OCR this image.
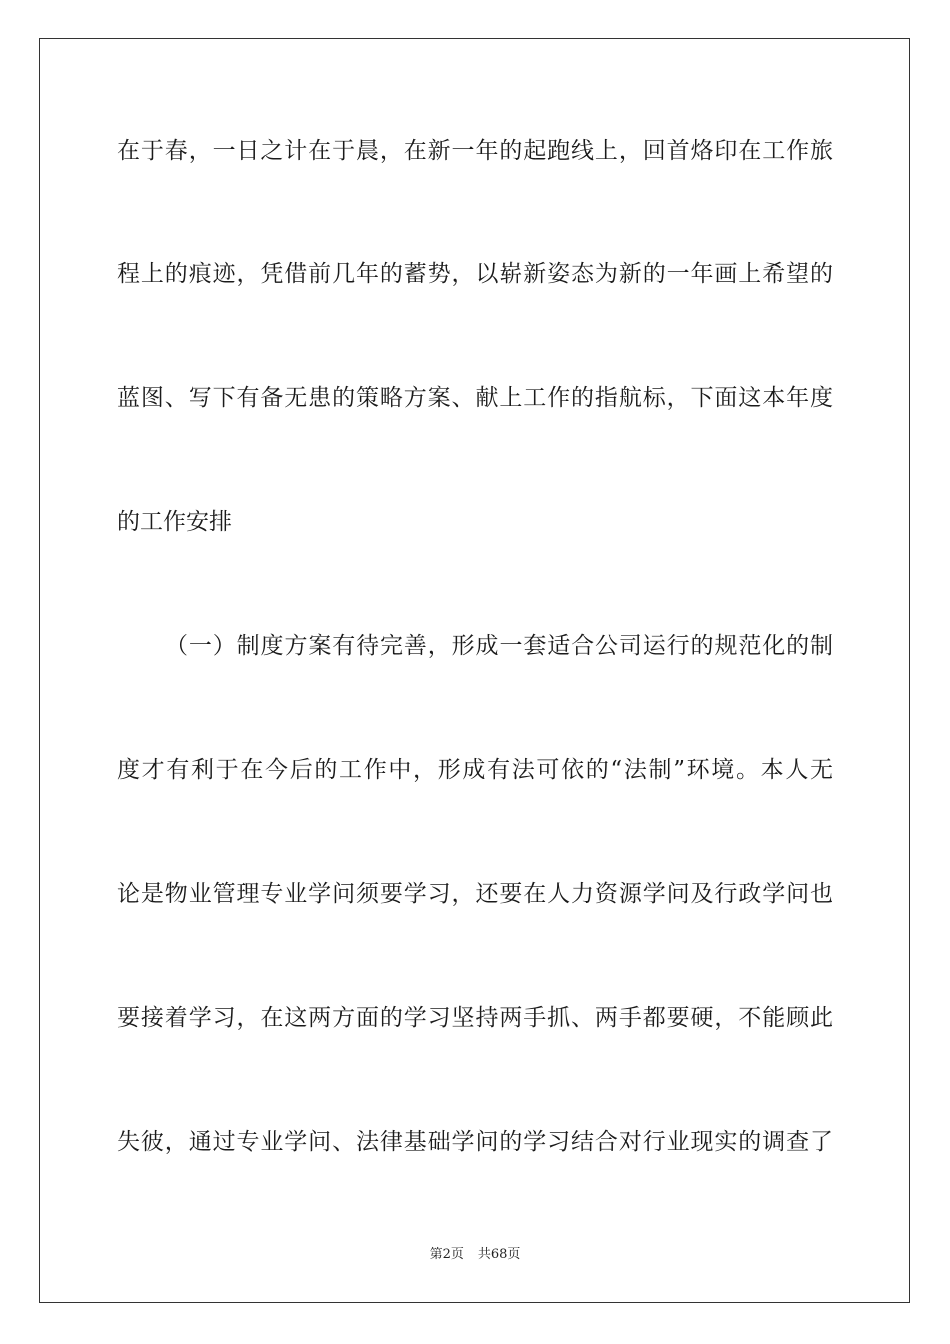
在于春，一日之计在于晨，在新一年的起跑线上，回首烙印在工作旅
程上的痕迹，凭借前几年的蓄势，以崭新姿态为新的一年画上希望的
蓝图、写下有备无患的策略方案、献上工作的指航标，下面这本年度
的工作安排
（一）制度方案有待完善，形成一套适合公司运行的规范化的制
度才有利于在今后的工作中，形成有法可依的“法制”环境。本人无
论是物业管理专业学问须要学习，还要在人力资源学问及行政学问也
要接着学习，在这两方面的学习坚持两手抓、两手都要硬，不能顾此
失彼，通过专业学问、法律基础学问的学习结合对行业现实的调查了
第2页 共68页
